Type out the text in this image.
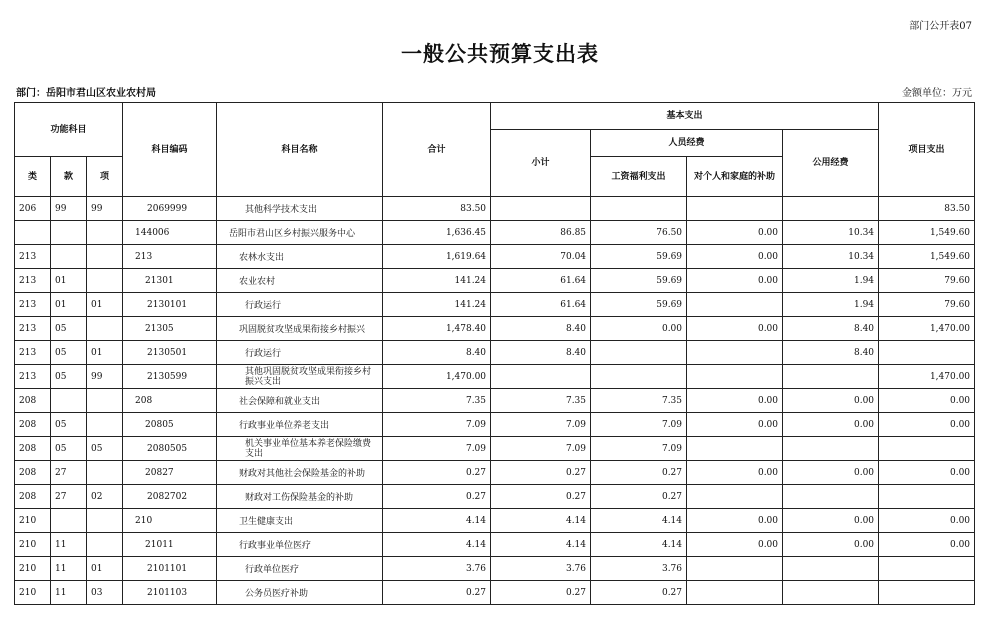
部门公开表07
一般公共预算支出表
部门：岳阳市君山区农业农村局	金额单位：万元
功能科目			科目编码	科目名称	合计	基本支出				项目支出
						小计	人员经费		公用经费	
类	款	项					工资福利支出	对个人和家庭的补助		
206	99	99	2069999	其他科学技术支出	83.50					83.50
			144006	岳阳市君山区乡村振兴服务中心	1,636.45	86.85	76.50	0.00	10.34	1,549.60
213			213	农林水支出	1,619.64	70.04	59.69	0.00	10.34	1,549.60
213	01		21301	农业农村	141.24	61.64	59.69	0.00	1.94	79.60
213	01	01	2130101	行政运行	141.24	61.64	59.69		1.94	79.60
213	05		21305	巩固脱贫攻坚成果衔接乡村振兴	1,478.40	8.40	0.00	0.00	8.40	1,470.00
213	05	01	2130501	行政运行	8.40	8.40			8.40	
213	05	99	2130599	其他巩固脱贫攻坚成果衔接乡村振兴支出	1,470.00					1,470.00
208			208	社会保障和就业支出	7.35	7.35	7.35	0.00	0.00	0.00
208	05		20805	行政事业单位养老支出	7.09	7.09	7.09	0.00	0.00	0.00
208	05	05	2080505	机关事业单位基本养老保险缴费支出	7.09	7.09	7.09			
208	27		20827	财政对其他社会保险基金的补助	0.27	0.27	0.27	0.00	0.00	0.00
208	27	02	2082702	财政对工伤保险基金的补助	0.27	0.27	0.27			
210			210	卫生健康支出	4.14	4.14	4.14	0.00	0.00	0.00
210	11		21011	行政事业单位医疗	4.14	4.14	4.14	0.00	0.00	0.00
210	11	01	2101101	行政单位医疗	3.76	3.76	3.76			
210	11	03	2101103	公务员医疗补助	0.27	0.27	0.27			
